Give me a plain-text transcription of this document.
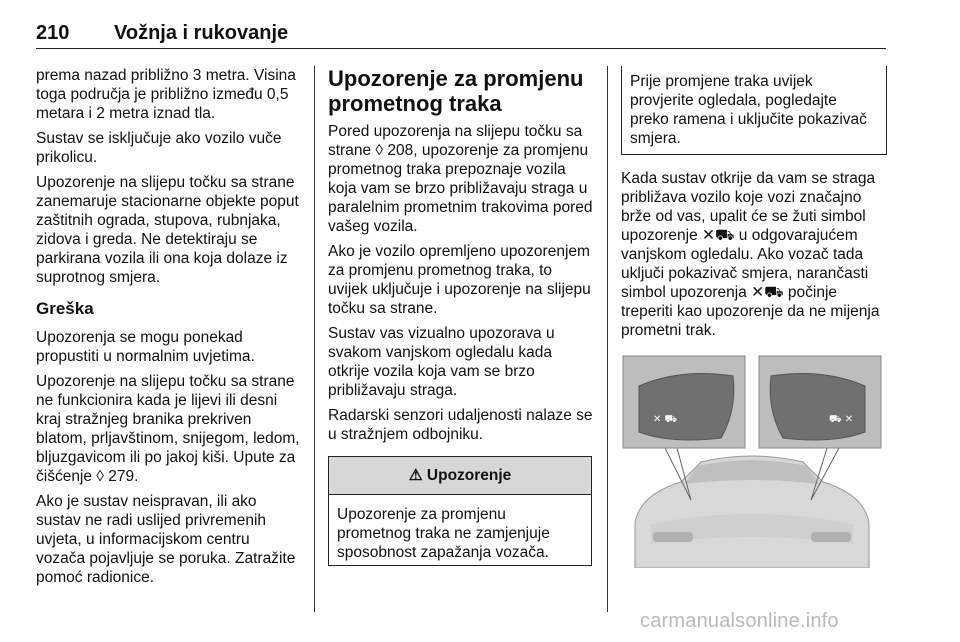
210 Vožnja i rukovanje

prema nazad približno 3 metra. Visina toga područja je približno između 0,5 metara i 2 metra iznad tla.

Sustav se isključuje ako vozilo vuče prikolicu.

Upozorenje na slijepu točku sa strane zanemaruje stacionarne objekte poput zaštitnih ograda, stupova, rubnjaka, zidova i greda. Ne detektiraju se parkirana vozila ili ona koja dolaze iz suprotnog smjera.

Greška

Upozorenja se mogu ponekad propustiti u normalnim uvjetima.

Upozorenje na slijepu točku sa strane ne funkcionira kada je lijevi ili desni kraj stražnjeg branika prekriven blatom, prljavštinom, snijegom, ledom, bljuzgavicom ili po jakoj kiši. Upute za čišćenje ◊ 279.

Ako je sustav neispravan, ili ako sustav ne radi uslijed privremenih uvjeta, u informacijskom centru vozača pojavljuje se poruka. Zatražite pomoć radionice.

Upozorenje za promjenu prometnog traka

Pored upozorenja na slijepu točku sa strane ◊ 208, upozorenje za promjenu prometnog traka prepoznaje vozila koja vam se brzo približavaju straga u paralelnim prometnim trakovima pored vašeg vozila.

Ako je vozilo opremljeno upozorenjem za promjenu prometnog traka, to uvijek uključuje i upozorenje na slijepu točku sa strane.

Sustav vas vizualno upozorava u svakom vanjskom ogledalu kada otkrije vozila koja vam se brzo približavaju straga.

Radarski senzori udaljenosti nalaze se u stražnjem odbojniku.

⚠ Upozorenje
Upozorenje za promjenu prometnog traka ne zamjenjuje sposobnost zapažanja vozača.
Prije promjene traka uvijek provjerite ogledala, pogledajte preko ramena i uključite pokazivač smjera.

Kada sustav otkrije da vam se straga približava vozilo koje vozi značajno brže od vas, upalit će se žuti simbol upozorenje ✕⛟ u odgovarajućem vanjskom ogledalu. Ako vozač tada uključi pokazivač smjera, narančasti simbol upozorenja ✕⛟ počinje treperiti kao upozorenje da ne mijenja prometni trak.

✕ ⛟	⛟ ✕
carmanualsonline.info
